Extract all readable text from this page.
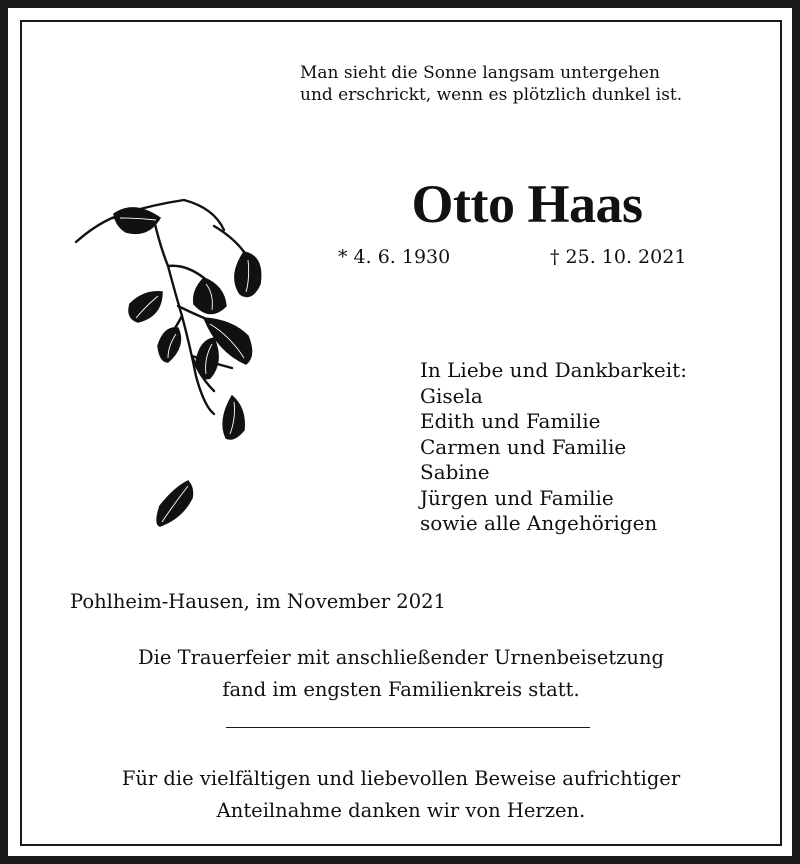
Man sieht die Sonne langsam untergehen
und erschrickt, wenn es plötzlich dunkel ist.
Otto Haas
* 4. 6. 1930	† 25. 10. 2021
In Liebe und Dankbarkeit:
Gisela
Edith und Familie
Carmen und Familie
Sabine
Jürgen und Familie
sowie alle Angehörigen
Pohlheim-Hausen, im November 2021
Die Trauerfeier mit anschließender Urnenbeisetzung
fand im engsten Familienkreis statt.
Für die vielfältigen und liebevollen Beweise aufrichtiger
Anteilnahme danken wir von Herzen.
